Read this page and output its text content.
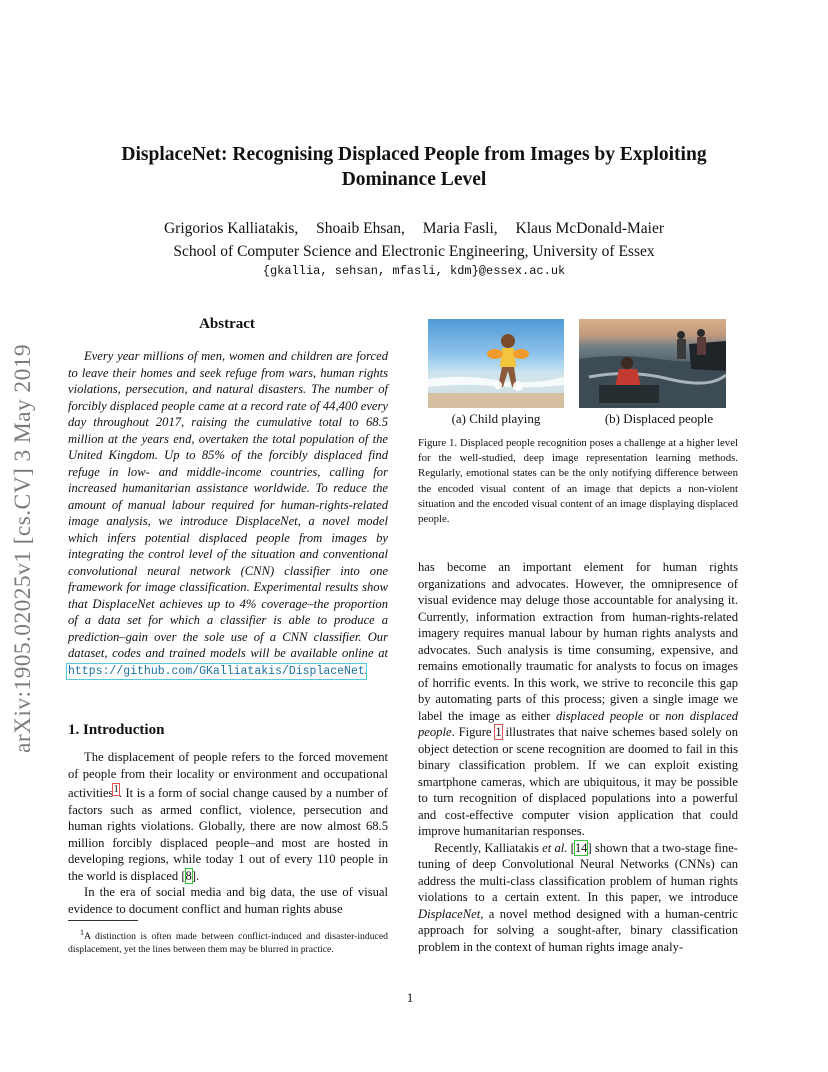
arXiv:1905.02025v1 [cs.CV] 3 May 2019
DisplaceNet: Recognising Displaced People from Images by Exploiting
Dominance Level
Grigorios Kalliatakis, Shoaib Ehsan, Maria Fasli, Klaus McDonald-Maier
School of Computer Science and Electronic Engineering, University of Essex
{gkallia, sehsan, mfasli, kdm}@essex.ac.uk
Abstract
Every year millions of men, women and children are forced to leave their homes and seek refuge from wars, human rights violations, persecution, and natural disasters. The number of forcibly displaced people came at a record rate of 44,400 every day throughout 2017, raising the cumulative total to 68.5 million at the years end, overtaken the total population of the United Kingdom. Up to 85% of the forcibly displaced find refuge in low- and middle-income countries, calling for increased humanitarian assistance worldwide. To reduce the amount of manual labour required for human-rights-related image analysis, we introduce DisplaceNet, a novel model which infers potential displaced people from images by integrating the control level of the situation and conventional convolutional neural network (CNN) classifier into one framework for image classification. Experimental results show that DisplaceNet achieves up to 4% coverage–the proportion of a data set for which a classifier is able to produce a prediction–gain over the sole use of a CNN classifier. Our dataset, codes and trained models will be available online at https://github.com/GKalliatakis/DisplaceNet.
1. Introduction

The displacement of people refers to the forced movement of people from their locality or environment and occupational activities$^1$. It is a form of social change caused by a number of factors such as armed conflict, violence, persecution and human rights violations. Globally, there are now almost 68.5 million forcibly displaced people–and most are hosted in developing regions, while today 1 out of every 110 people in the world is displaced [8].

In the era of social media and big data, the use of visual evidence to document conflict and human rights abuse

$^1$A distinction is often made between conflict-induced and disaster-induced displacement, yet the lines between them may be blurred in practice.
(a) Child playing	(b) Displaced people
Figure 1. Displaced people recognition poses a challenge at a higher level for the well-studied, deep image representation learning methods. Regularly, emotional states can be the only notifying difference between the encoded visual content of an image that depicts a non-violent situation and the encoded visual content of an image displaying displaced people.

has become an important element for human rights organizations and advocates. However, the omnipresence of visual evidence may deluge those accountable for analysing it. Currently, information extraction from human-rights-related imagery requires manual labour by human rights analysts and advocates. Such analysis is time consuming, expensive, and remains emotionally traumatic for analysts to focus on images of horrific events. In this work, we strive to reconcile this gap by automating parts of this process; given a single image we label the image as either displaced people or non displaced people. Figure 1 illustrates that naive schemes based solely on object detection or scene recognition are doomed to fail in this binary classification problem. If we can exploit existing smartphone cameras, which are ubiquitous, it may be possible to turn recognition of displaced populations into a powerful and cost-effective computer vision application that could improve humanitarian responses.

Recently, Kalliatakis et al. [14] shown that a two-stage fine-tuning of deep Convolutional Neural Networks (CNNs) can address the multi-class classification problem of human rights violations to a certain extent. In this paper, we introduce DisplaceNet, a novel method designed with a human-centric approach for solving a sought-after, binary classification problem in the context of human rights image analy-

1
